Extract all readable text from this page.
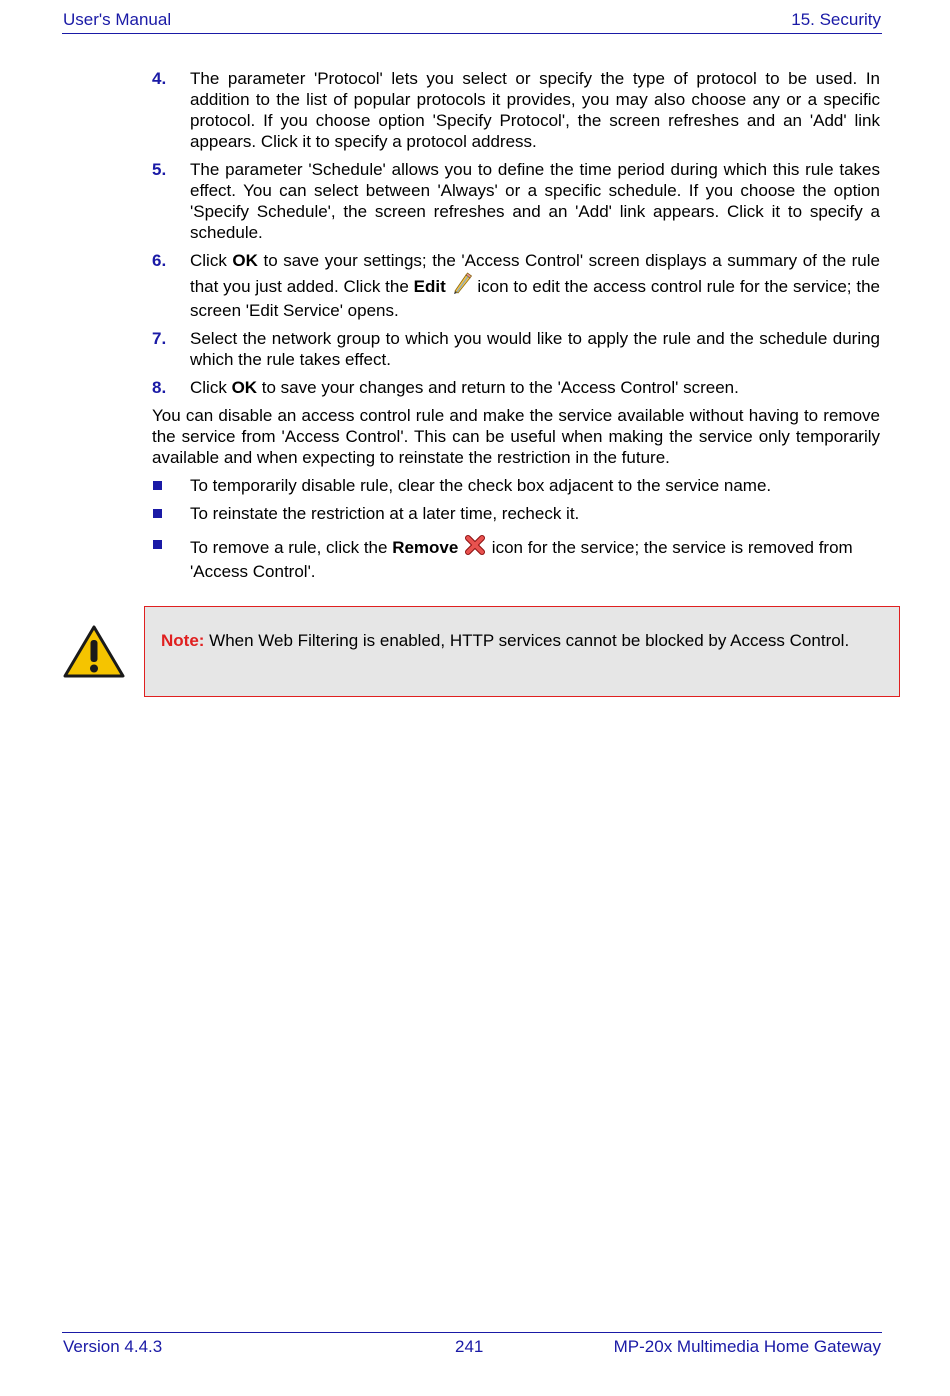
User's Manual	15. Security
4. The parameter 'Protocol' lets you select or specify the type of protocol to be used. In addition to the list of popular protocols it provides, you may also choose any or a specific protocol. If you choose option 'Specify Protocol', the screen refreshes and an 'Add' link appears. Click it to specify a protocol address.
5. The parameter 'Schedule' allows you to define the time period during which this rule takes effect. You can select between 'Always' or a specific schedule. If you choose the option 'Specify Schedule', the screen refreshes and an 'Add' link appears. Click it to specify a schedule.
6. Click OK to save your settings; the 'Access Control' screen displays a summary of the rule that you just added. Click the Edit  icon to edit the access control rule for the service; the screen 'Edit Service' opens.
7. Select the network group to which you would like to apply the rule and the schedule during which the rule takes effect.
8. Click OK to save your changes and return to the 'Access Control' screen.
You can disable an access control rule and make the service available without having to remove the service from 'Access Control'. This can be useful when making the service only temporarily available and when expecting to reinstate the restriction in the future.
To temporarily disable rule, clear the check box adjacent to the service name.
To reinstate the restriction at a later time, recheck it.
To remove a rule, click the Remove  icon for the service; the service is removed from 'Access Control'.
Note: When Web Filtering is enabled, HTTP services cannot be blocked by Access Control.
Version 4.4.3	241	MP-20x Multimedia Home Gateway
